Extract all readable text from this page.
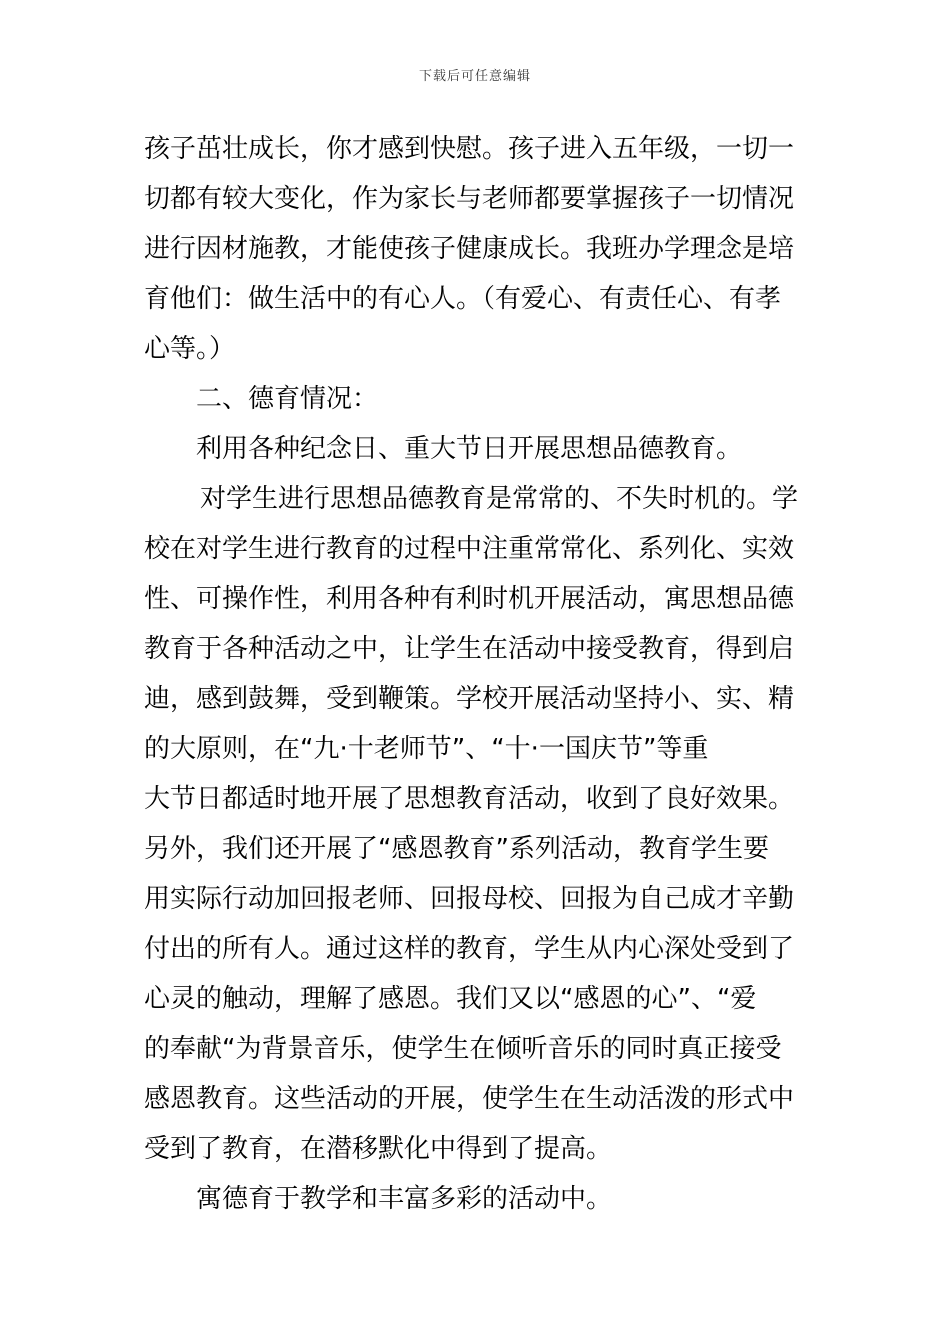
下载后可任意编辑

孩子茁壮成长，你才感到快慰。孩子进入五年级，一切一

切都有较大变化，作为家长与老师都要掌握孩子一切情况

进行因材施教，才能使孩子健康成长。我班办学理念是培

育他们：做生活中的有心人。（有爱心、有责任心、有孝

心等。）

二、德育情况：

利用各种纪念日、重大节日开展思想品德教育。

对学生进行思想品德教育是常常的、不失时机的。学

校在对学生进行教育的过程中注重常常化、系列化、实效

性、可操作性，利用各种有利时机开展活动，寓思想品德

教育于各种活动之中，让学生在活动中接受教育，得到启

迪，感到鼓舞，受到鞭策。学校开展活动坚持小、实、精

的大原则，在“九·十老师节”、“十·一国庆节”等重

大节日都适时地开展了思想教育活动，收到了良好效果。

另外，我们还开展了“感恩教育”系列活动，教育学生要

用实际行动加回报老师、回报母校、回报为自己成才辛勤

付出的所有人。通过这样的教育，学生从内心深处受到了

心灵的触动，理解了感恩。我们又以“感恩的心”、“爱

的奉献“为背景音乐，使学生在倾听音乐的同时真正接受

感恩教育。这些活动的开展，使学生在生动活泼的形式中

受到了教育，在潜移默化中得到了提高。

寓德育于教学和丰富多彩的活动中。
